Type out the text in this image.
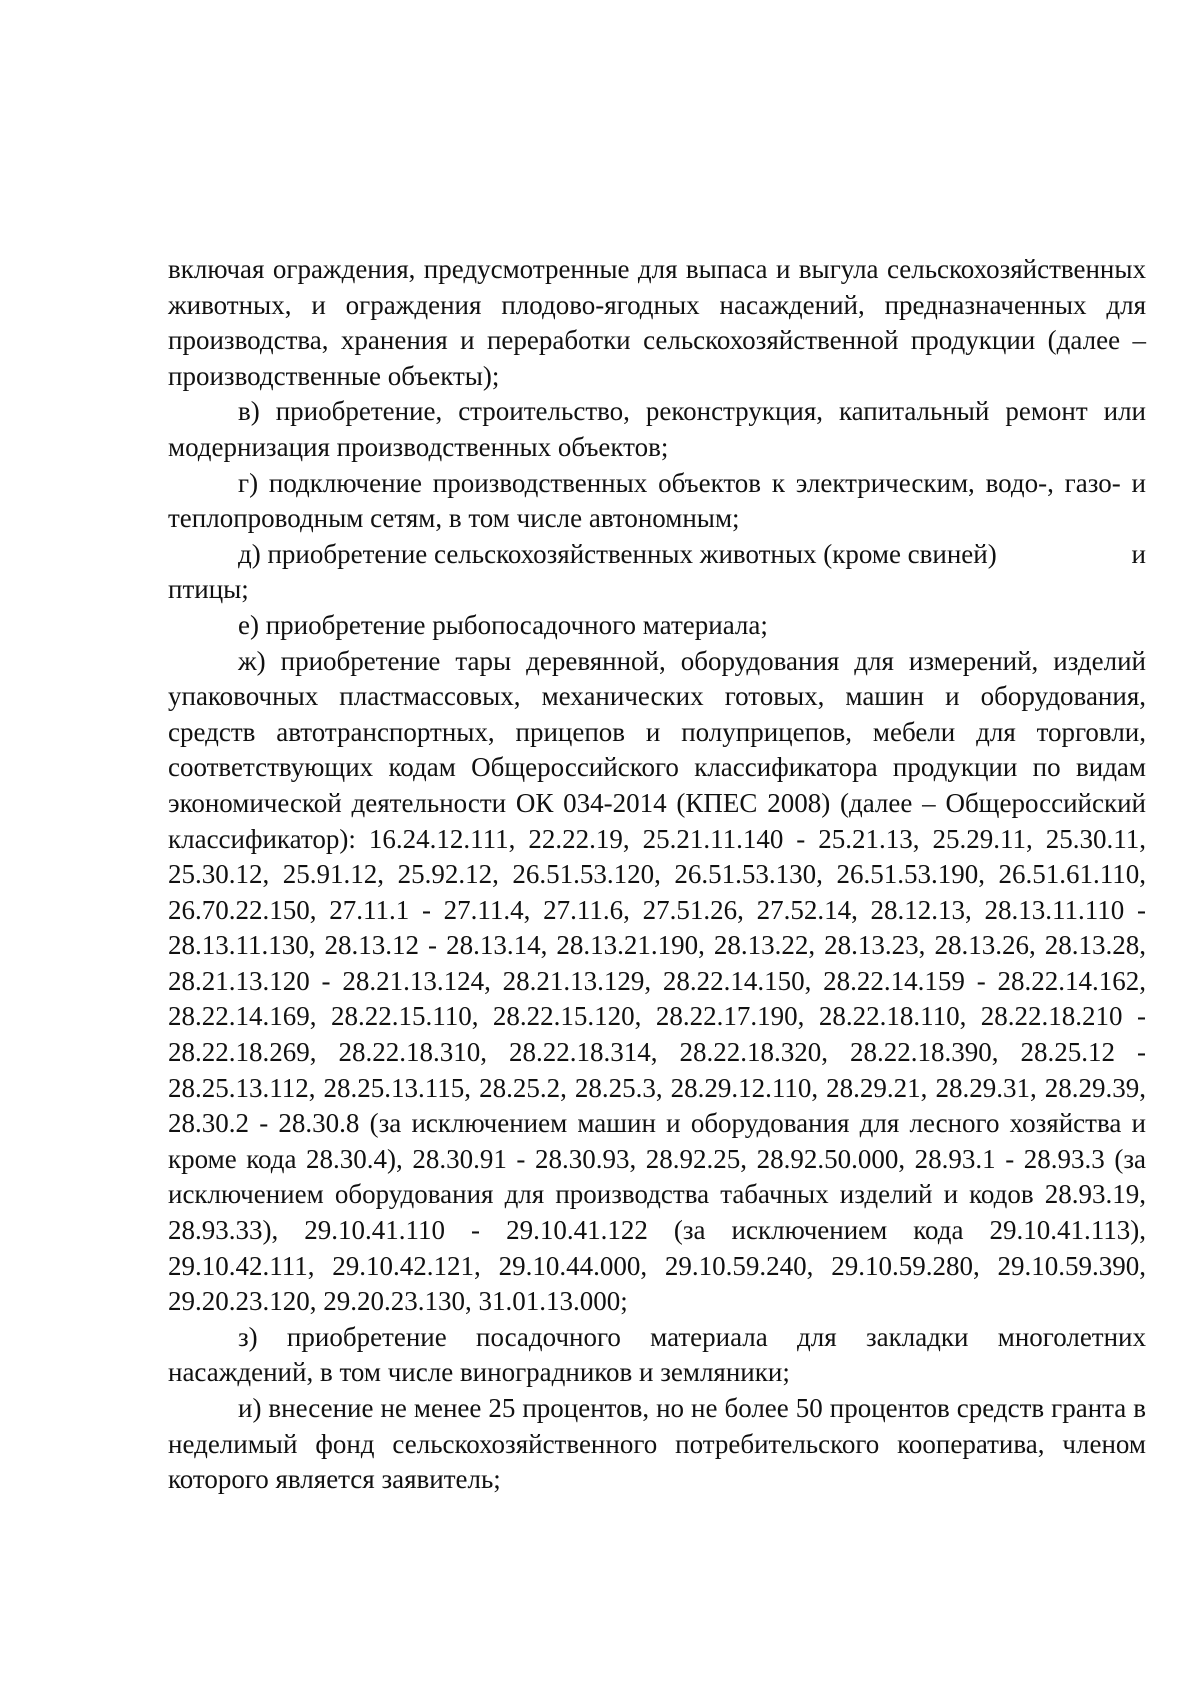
включая ограждения, предусмотренные для выпаса и выгула сельскохозяйственных животных, и ограждения плодово-ягодных насаждений, предназначенных для производства, хранения и переработки сельскохозяйственной продукции (далее – производственные объекты);

в) приобретение, строительство, реконструкция, капитальный ремонт или модернизация производственных объектов;

г) подключение производственных объектов к электрическим, водо-, газо- и теплопроводным сетям, в том числе автономным;

д) приобретение сельскохозяйственных животных (кроме свиней)	и
птицы;

е) приобретение рыбопосадочного материала;

ж) приобретение тары деревянной, оборудования для измерений, изделий упаковочных пластмассовых, механических готовых, машин и оборудования, средств автотранспортных, прицепов и полуприцепов, мебели для торговли, соответствующих кодам Общероссийского классификатора продукции по видам экономической деятельности ОК 034-2014 (КПЕС 2008) (далее – Общероссийский классификатор): 16.24.12.111, 22.22.19, 25.21.11.140 - 25.21.13, 25.29.11, 25.30.11, 25.30.12, 25.91.12, 25.92.12, 26.51.53.120, 26.51.53.130, 26.51.53.190, 26.51.61.110, 26.70.22.150, 27.11.1 - 27.11.4, 27.11.6, 27.51.26, 27.52.14, 28.12.13, 28.13.11.110 - 28.13.11.130, 28.13.12 - 28.13.14, 28.13.21.190, 28.13.22, 28.13.23, 28.13.26, 28.13.28, 28.21.13.120 - 28.21.13.124, 28.21.13.129, 28.22.14.150, 28.22.14.159 - 28.22.14.162, 28.22.14.169, 28.22.15.110, 28.22.15.120, 28.22.17.190, 28.22.18.110, 28.22.18.210 - 28.22.18.269, 28.22.18.310, 28.22.18.314, 28.22.18.320, 28.22.18.390, 28.25.12 - 28.25.13.112, 28.25.13.115, 28.25.2, 28.25.3, 28.29.12.110, 28.29.21, 28.29.31, 28.29.39, 28.30.2 - 28.30.8 (за исключением машин и оборудования для лесного хозяйства и кроме кода 28.30.4), 28.30.91 - 28.30.93, 28.92.25, 28.92.50.000, 28.93.1 - 28.93.3 (за исключением оборудования для производства табачных изделий и кодов 28.93.19, 28.93.33), 29.10.41.110 - 29.10.41.122 (за исключением кода 29.10.41.113), 29.10.42.111, 29.10.42.121, 29.10.44.000, 29.10.59.240, 29.10.59.280, 29.10.59.390, 29.20.23.120, 29.20.23.130, 31.01.13.000;

з) приобретение посадочного материала для закладки многолетних насаждений, в том числе виноградников и земляники;

и) внесение не менее 25 процентов, но не более 50 процентов средств гранта в неделимый фонд сельскохозяйственного потребительского кооператива, членом которого является заявитель;
